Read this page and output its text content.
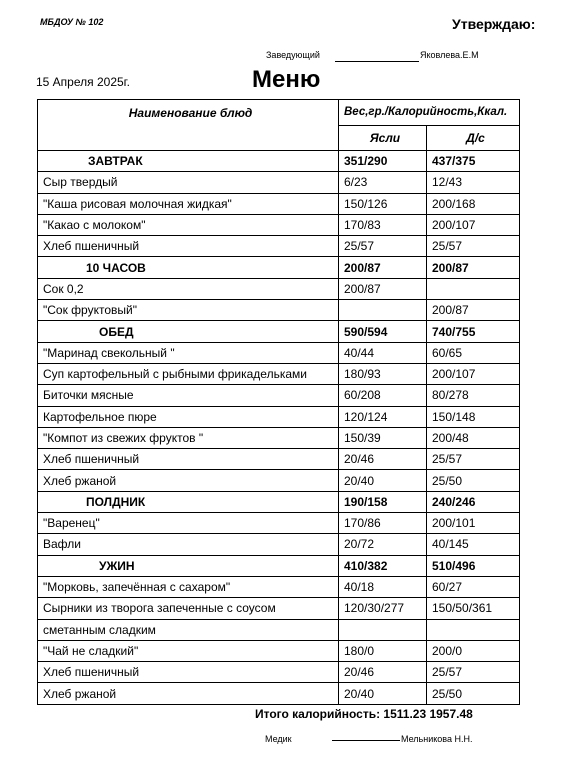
МБДОУ № 102	Утверждаю:
Заведующий	Яковлева.Е.М
15 Апреля 2025г.	Меню
Наименование блюд	Вес,гр./Калорийность,Ккал.	
	Ясли	Д/с
ЗАВТРАК	351/290	437/375
Сыр твердый	6/23	12/43
"Каша рисовая молочная жидкая"	150/126	200/168
"Какао с молоком"	170/83	200/107
Хлеб пшеничный	25/57	25/57
10 ЧАСОВ	200/87	200/87
Сок 0,2	200/87	
"Сок фруктовый"		200/87
ОБЕД	590/594	740/755
"Маринад свекольный "	40/44	60/65
Суп картофельный с рыбными фрикадельками	180/93	200/107
Биточки мясные	60/208	80/278
Картофельное пюре	120/124	150/148
"Компот из свежих фруктов "	150/39	200/48
Хлеб пшеничный	20/46	25/57
Хлеб ржаной	20/40	25/50
ПОЛДНИК	190/158	240/246
"Варенец"	170/86	200/101
Вафли	20/72	40/145
УЖИН	410/382	510/496
"Морковь, запечённая с сахаром"	40/18	60/27
Сырники из творога запеченные с соусом	120/30/277	150/50/361
сметанным сладким		
"Чай не сладкий"	180/0	200/0
Хлеб пшеничный	20/46	25/57
Хлеб ржаной	20/40	25/50
Итого калорийность: 1511.23 1957.48
Медик	Мельникова Н.Н.
